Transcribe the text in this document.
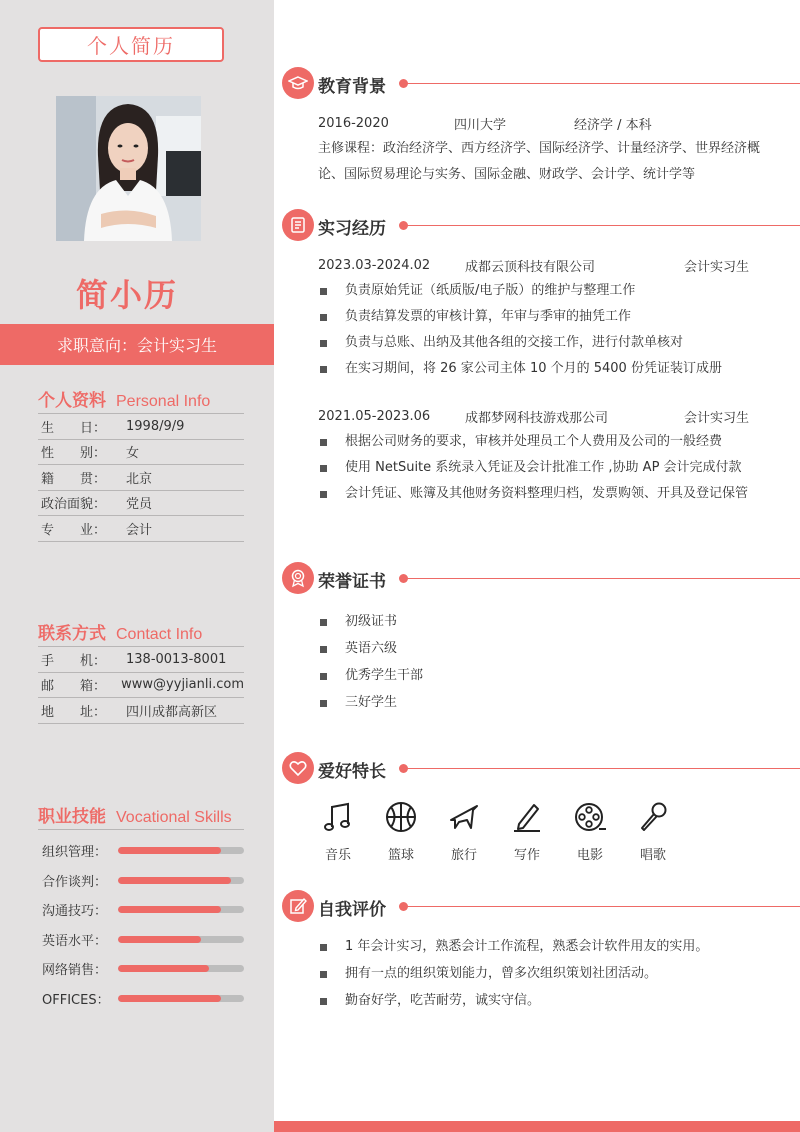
个人简历
简小历
求职意向：会计实习生
个人资料 Personal Info
生　　日：	1998/9/9
性　　别：	女
籍　　贯：	北京
政治面貌：	党员
专　　业：	会计
联系方式 Contact Info
手　　机：	138-0013-8001
邮　　箱：	www@yyjianli.com
地　　址：	四川成都高新区
职业技能 Vocational Skills
组织管理：
合作谈判：
沟通技巧：
英语水平：
网络销售：
OFFICES：
教育背景
2016-2020	四川大学	经济学 / 本科
主修课程：政治经济学、西方经济学、国际经济学、计量经济学、世界经济概论、国际贸易理论与实务、国际金融、财政学、会计学、统计学等
实习经历
2023.03-2024.02	成都云顶科技有限公司	会计实习生
负责原始凭证（纸质版/电子版）的维护与整理工作
负责结算发票的审核计算，年审与季审的抽凭工作
负责与总账、出纳及其他各组的交接工作，进行付款单核对
在实习期间，将 26 家公司主体 10 个月的 5400 份凭证装订成册
2021.05-2023.06	成都梦网科技游戏那公司	会计实习生
根据公司财务的要求，审核并处理员工个人费用及公司的一般经费
使用 NetSuite 系统录入凭证及会计批准工作 ,协助 AP 会计完成付款
会计凭证、账簿及其他财务资料整理归档，发票购领、开具及登记保管
荣誉证书
初级证书
英语六级
优秀学生干部
三好学生
爱好特长
音乐	篮球	旅行	写作	电影	唱歌
自我评价
1 年会计实习，熟悉会计工作流程，熟悉会计软件用友的实用。
拥有一点的组织策划能力，曾多次组织策划社团活动。
勤奋好学，吃苦耐劳，诚实守信。
